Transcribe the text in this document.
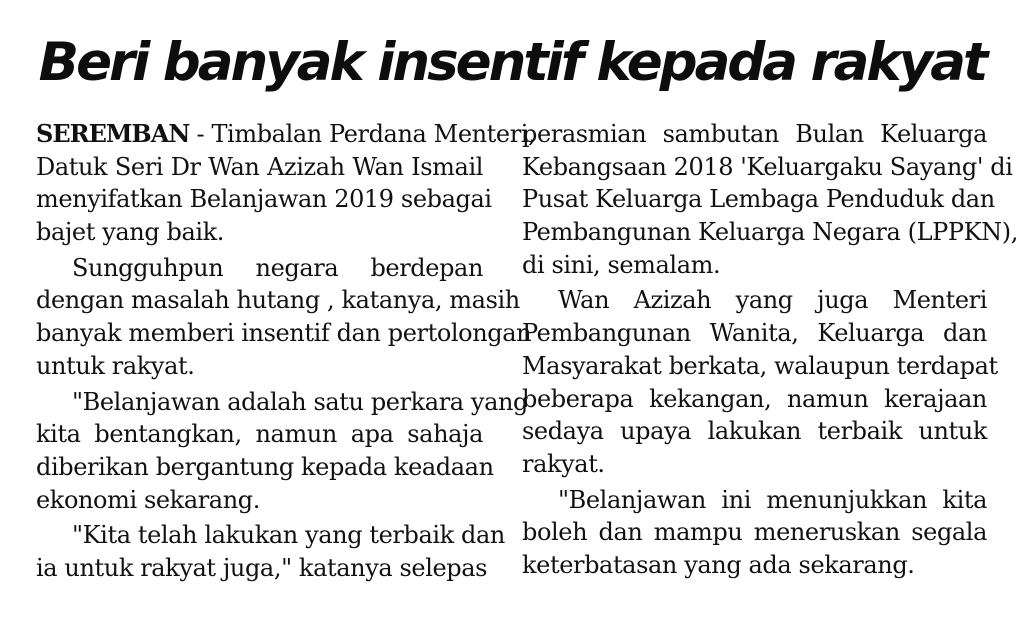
Beri banyak insentif kepada rakyat
SEREMBAN - Timbalan Perdana Menteri,
Datuk Seri Dr Wan Azizah Wan Ismail
menyifatkan Belanjawan 2019 sebagai
bajet yang baik.
Sungguhpun negara berdepan
dengan masalah hutang , katanya, masih
banyak memberi insentif dan pertolongan
untuk rakyat.
"Belanjawan adalah satu perkara yang
kita bentangkan, namun apa sahaja
diberikan bergantung kepada keadaan
ekonomi sekarang.
"Kita telah lakukan yang terbaik dan
ia untuk rakyat juga," katanya selepas
perasmian sambutan Bulan Keluarga
Kebangsaan 2018 'Keluargaku Sayang' di
Pusat Keluarga Lembaga Penduduk dan
Pembangunan Keluarga Negara (LPPKN),
di sini, semalam.
Wan Azizah yang juga Menteri
Pembangunan Wanita, Keluarga dan
Masyarakat berkata, walaupun terdapat
beberapa kekangan, namun kerajaan
sedaya upaya lakukan terbaik untuk
rakyat.
"Belanjawan ini menunjukkan kita
boleh dan mampu meneruskan segala
keterbatasan yang ada sekarang.
